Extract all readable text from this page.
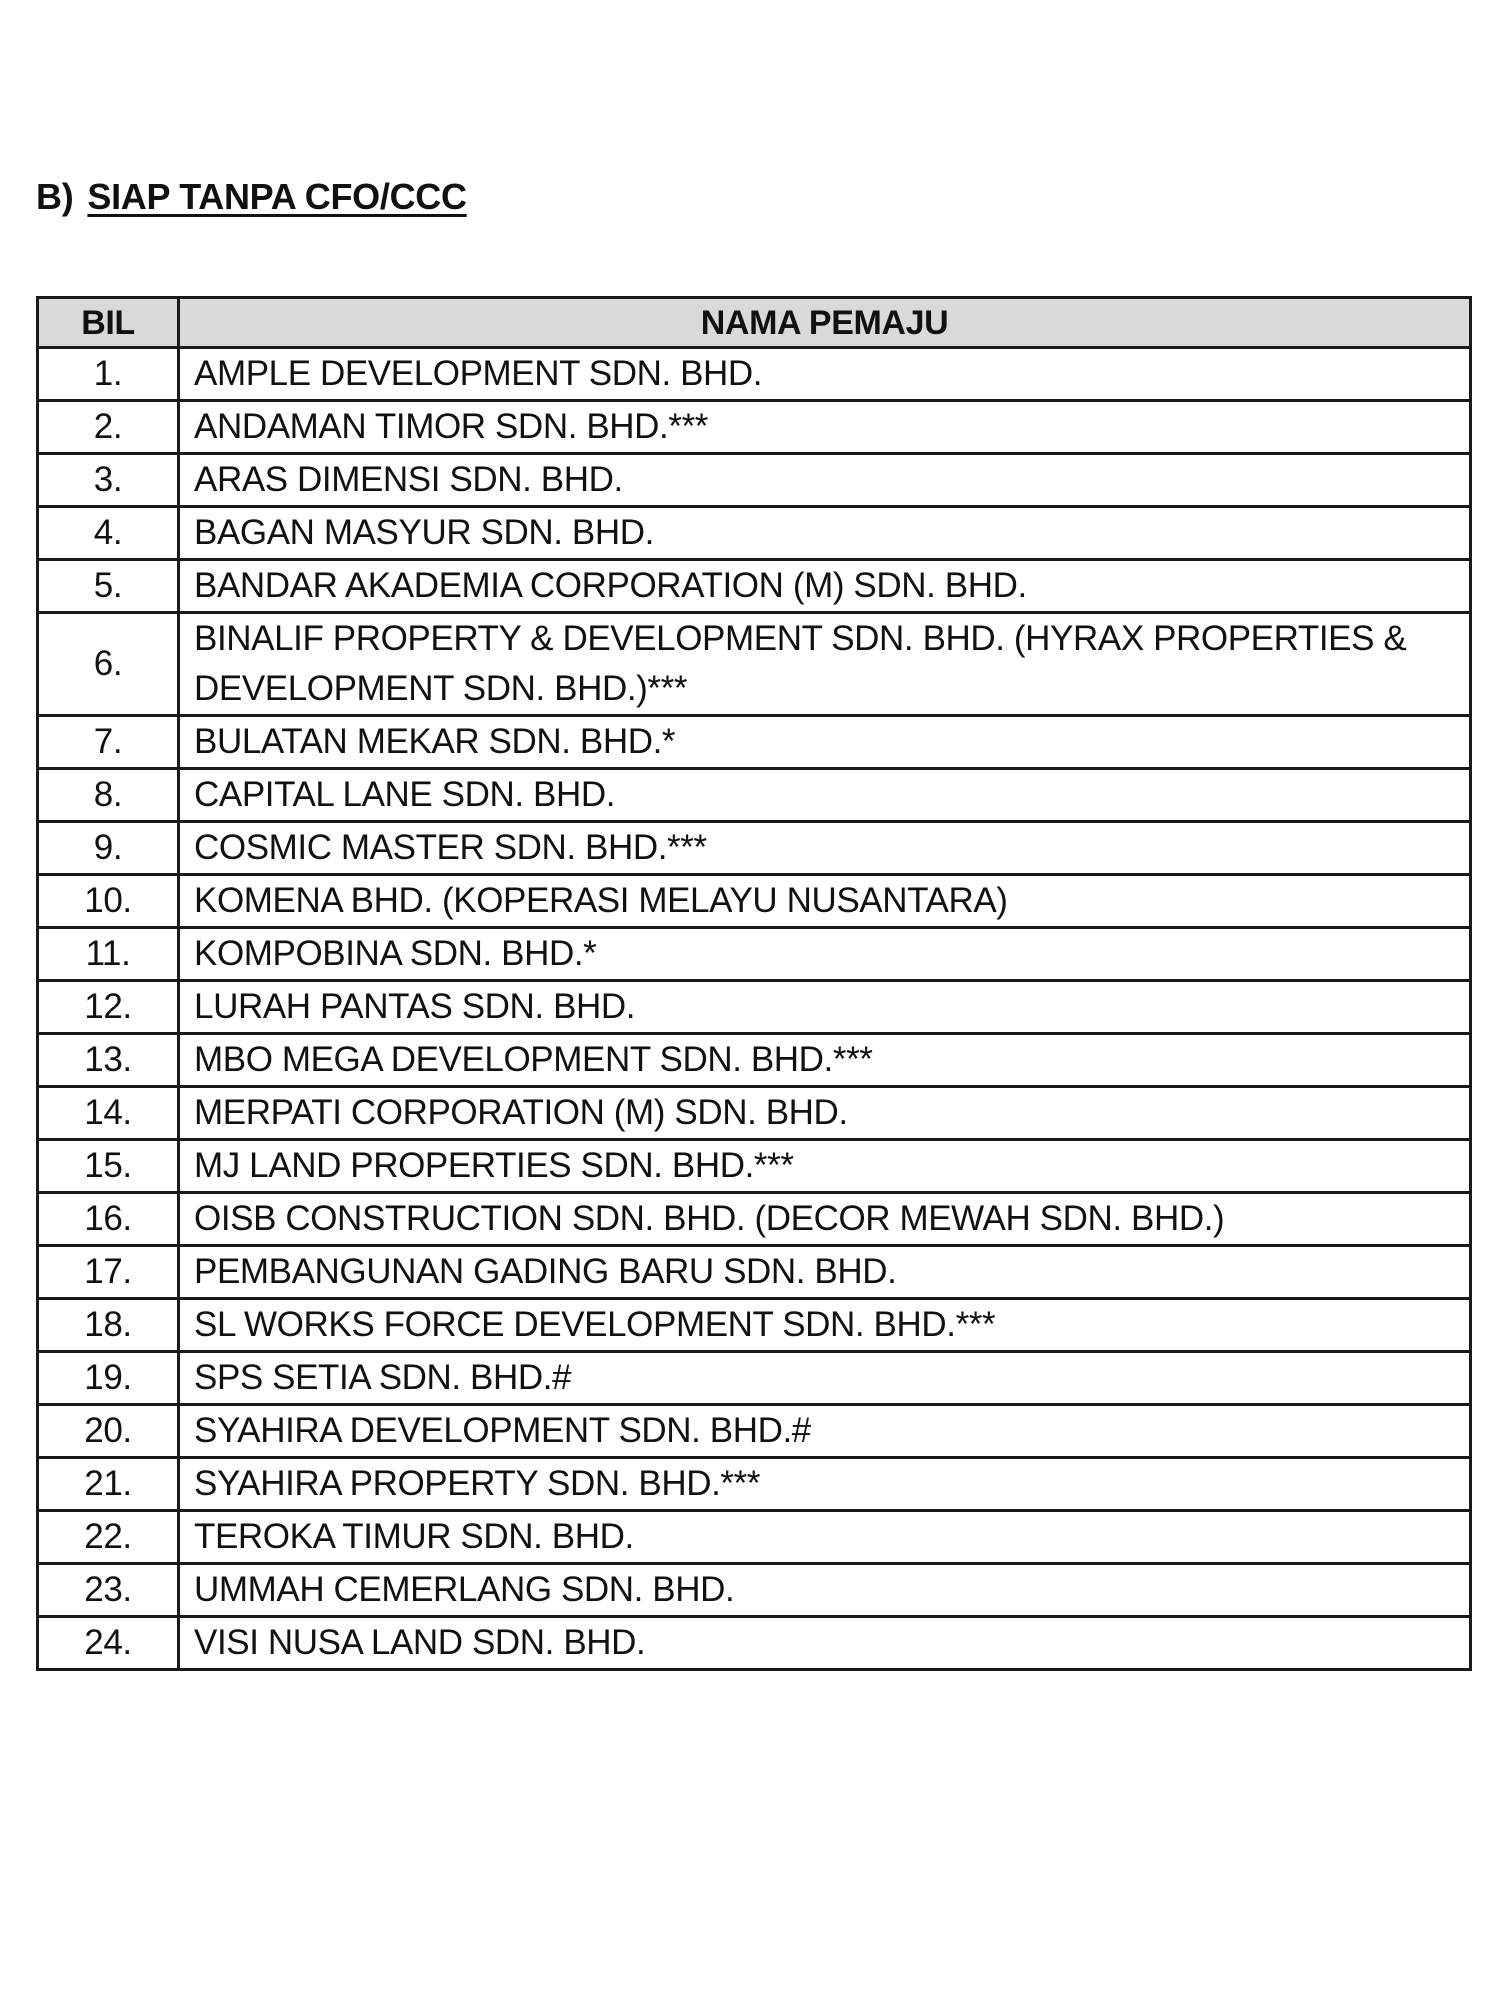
B) SIAP TANPA CFO/CCC
BIL	NAMA PEMAJU
1.	AMPLE DEVELOPMENT SDN. BHD.
2.	ANDAMAN TIMOR SDN. BHD.***
3.	ARAS DIMENSI SDN. BHD.
4.	BAGAN MASYUR SDN. BHD.
5.	BANDAR AKADEMIA CORPORATION (M) SDN. BHD.
6.	BINALIF PROPERTY & DEVELOPMENT SDN. BHD. (HYRAX PROPERTIES & DEVELOPMENT SDN. BHD.)***
7.	BULATAN MEKAR SDN. BHD.*
8.	CAPITAL LANE SDN. BHD.
9.	COSMIC MASTER SDN. BHD.***
10.	KOMENA BHD. (KOPERASI MELAYU NUSANTARA)
11.	KOMPOBINA SDN. BHD.*
12.	LURAH PANTAS SDN. BHD.
13.	MBO MEGA DEVELOPMENT SDN. BHD.***
14.	MERPATI CORPORATION (M) SDN. BHD.
15.	MJ LAND PROPERTIES SDN. BHD.***
16.	OISB CONSTRUCTION SDN. BHD. (DECOR MEWAH SDN. BHD.)
17.	PEMBANGUNAN GADING BARU SDN. BHD.
18.	SL WORKS FORCE DEVELOPMENT SDN. BHD.***
19.	SPS SETIA SDN. BHD.#
20.	SYAHIRA DEVELOPMENT SDN. BHD.#
21.	SYAHIRA PROPERTY SDN. BHD.***
22.	TEROKA TIMUR SDN. BHD.
23.	UMMAH CEMERLANG SDN. BHD.
24.	VISI NUSA LAND SDN. BHD.
